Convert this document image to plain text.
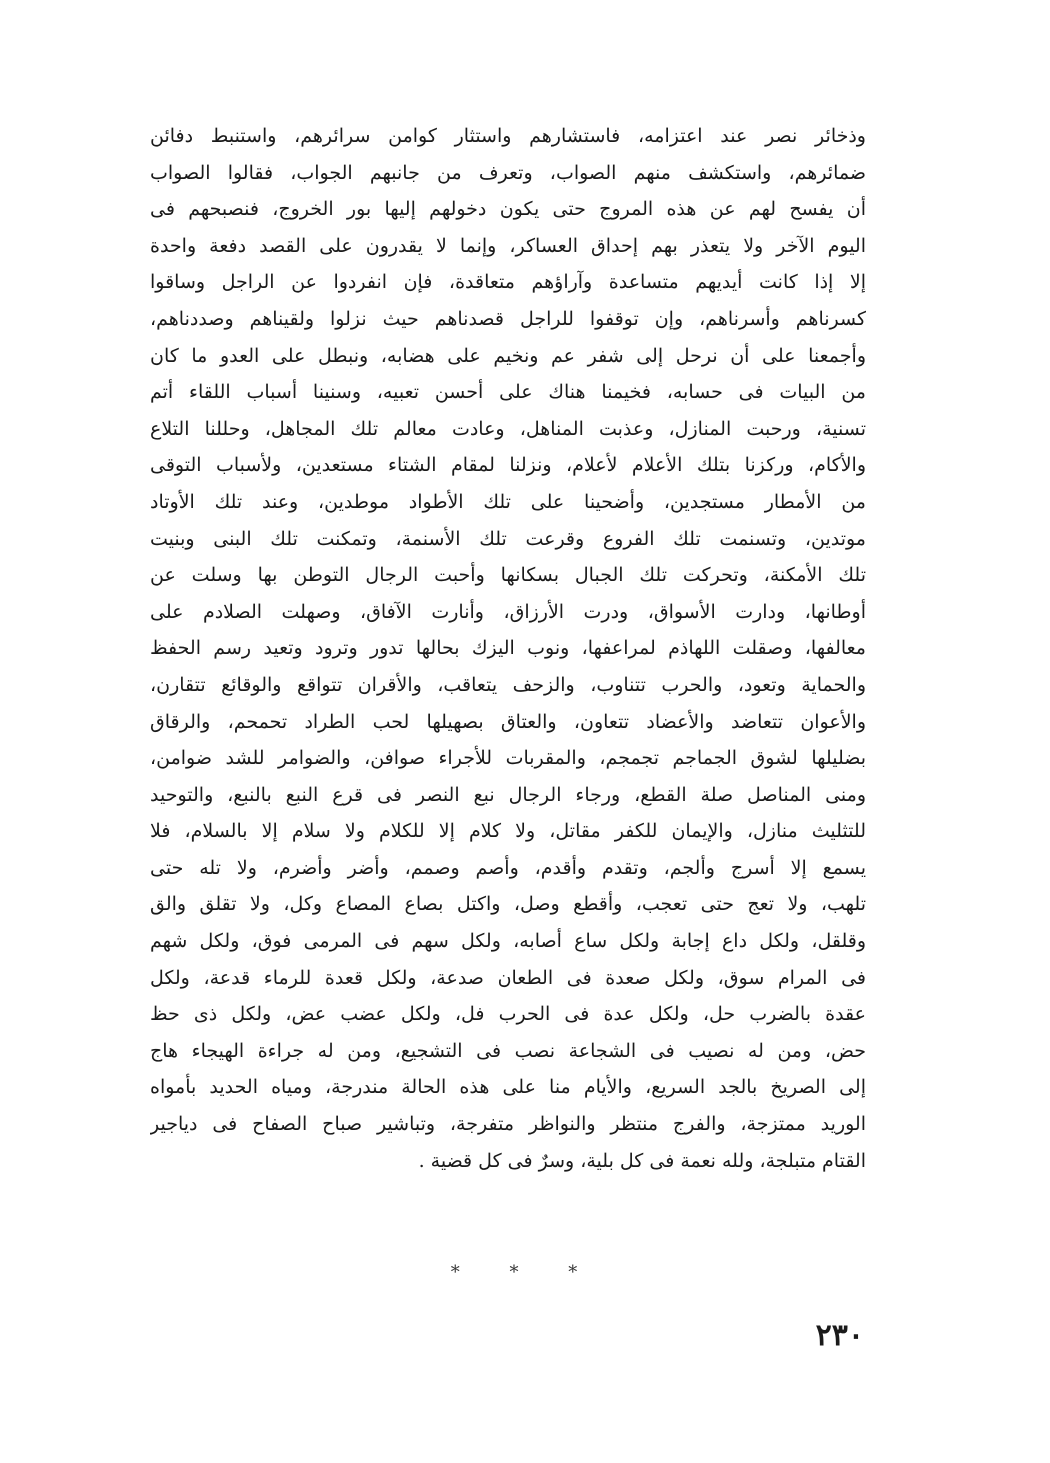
وذخائر نصر عند اعتزامه، فاستشارهم واستثار كوامن سرائرهم، واستنبط دفائن
ضمائرهم، واستكشف منهم الصواب، وتعرف من جانبهم الجواب، فقالوا الصواب
أن يفسح لهم عن هذه المروج حتى يكون دخولهم إليها بور الخروج، فنصبحهم فى
اليوم الآخر ولا يتعذر بهم إحداق العساكر، وإنما لا يقدرون على القصد دفعة واحدة
إلا إذا كانت أيديهم متساعدة وآراؤهم متعاقدة، فإن انفردوا عن الراجل وساقوا
كسرناهم وأسرناهم، وإن توقفوا للراجل قصدناهم حيث نزلوا ولقيناهم وصددناهم،
وأجمعنا على أن نرحل إلى شفر عم ونخيم على هضابه، ونبطل على العدو ما كان
من البيات فى حسابه، فخيمنا هناك على أحسن تعبيه، وسنينا أسباب اللقاء أتم
تسنية، ورحبت المنازل، وعذبت المناهل، وعادت معالم تلك المجاهل، وحللنا التلاع
والأكام، وركزنا بتلك الأعلام لأعلام، ونزلنا لمقام الشتاء مستعدين، ولأسباب التوقى
من الأمطار مستجدين، وأضحينا على تلك الأطواد موطدين، وعند تلك الأوتاد
موتدين، وتسنمت تلك الفروع وقرعت تلك الأسنمة، وتمكنت تلك البنى وبنيت
تلك الأمكنة، وتحركت تلك الجبال بسكانها وأحبت الرجال التوطن بها وسلت عن
أوطانها، ودارت الأسواق، ودرت الأرزاق، وأنارت الآفاق، وصهلت الصلادم على
معالفها، وصقلت اللهاذم لمراعفها، ونوب اليزك بحالها تدور وترود وتعيد رسم الحفظ
والحماية وتعود، والحرب تتناوب، والزحف يتعاقب، والأقران تتواقع والوقائع تتقارن،
والأعوان تتعاضد والأعضاد تتعاون، والعتاق بصهيلها لحب الطراد تحمحم، والرقاق
بضليلها لشوق الجماجم تجمجم، والمقربات للأجراء صوافن، والضوامر للشد ضوامن،
ومنى المناصل صلة القطع، ورجاء الرجال نبع النصر فى قرع النبع بالنبع، والتوحيد
للتثليث منازل، والإيمان للكفر مقاتل، ولا كلام إلا للكلام ولا سلام إلا بالسلام، فلا
يسمع إلا أسرج وألجم، وتقدم وأقدم، وأصم وصمم، وأضر وأضرم، ولا تله حتى
تلهب، ولا تعج حتى تعجب، وأقطع وصل، واكتل بصاع المصاع وكل، ولا تقلق والق
وقلقل، ولكل داع إجابة ولكل ساع أصابه، ولكل سهم فى المرمى فوق، ولكل شهم
فى المرام سوق، ولكل صعدة فى الطعان صدعة، ولكل قعدة للرماء قدعة، ولكل
عقدة بالضرب حل، ولكل عدة فى الحرب فل، ولكل عضب عض، ولكل ذى حظ
حض، ومن له نصيب فى الشجاعة نصب فى التشجيع، ومن له جراءة الهيجاء هاج
إلى الصريخ بالجد السريع، والأيام منا على هذه الحالة مندرجة، ومياه الحديد بأمواه
الوريد ممتزجة، والفرج منتظر والنواظر متفرجة، وتباشير صباح الصفاح فى دياجير
القتام متبلجة، ولله نعمة فى كل بلية، وسرٌ فى كل قضية .
* * *
٢٣٠
